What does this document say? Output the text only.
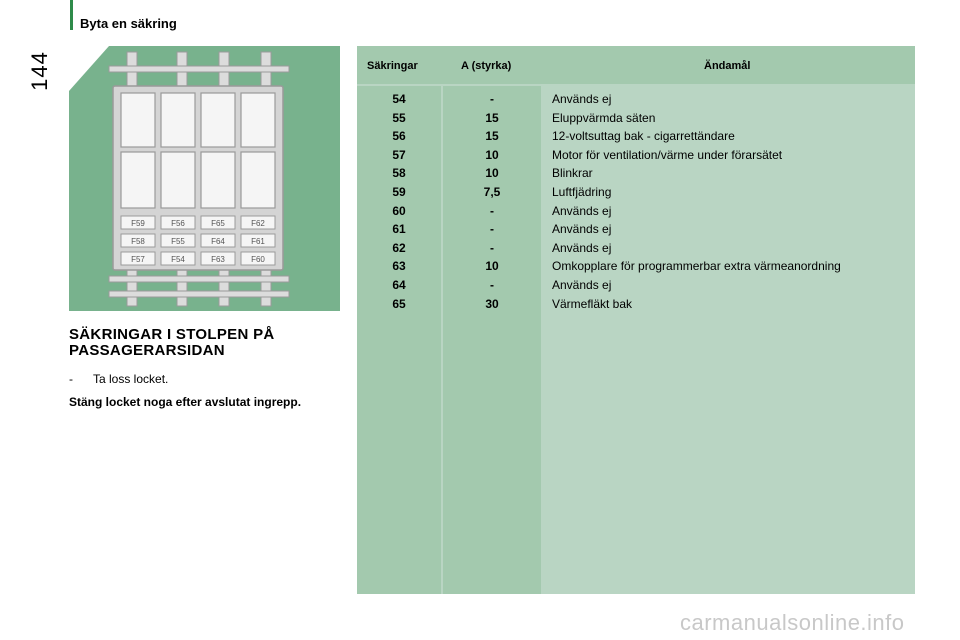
Byta en säkring
144
F59	F56	F65	F62
F58	F55	F64	F61
F57	F54	F63	F60
SÄKRINGAR I STOLPEN PÅ PASSAGERARSIDAN
- Ta loss locket.
Stäng locket noga efter avslutat ingrepp.
Säkringar	A (styrka)	Ändamål
54	-	Används ej
55	15	Eluppvärmda säten
56	15	12-voltsuttag bak - cigarrettändare
57	10	Motor för ventilation/värme under förarsätet
58	10	Blinkrar
59	7,5	Luftfjädring
60	-	Används ej
61	-	Används ej
62	-	Används ej
63	10	Omkopplare för programmerbar extra värmeanordning
64	-	Används ej
65	30	Värmefläkt bak
carmanualsonline.info
